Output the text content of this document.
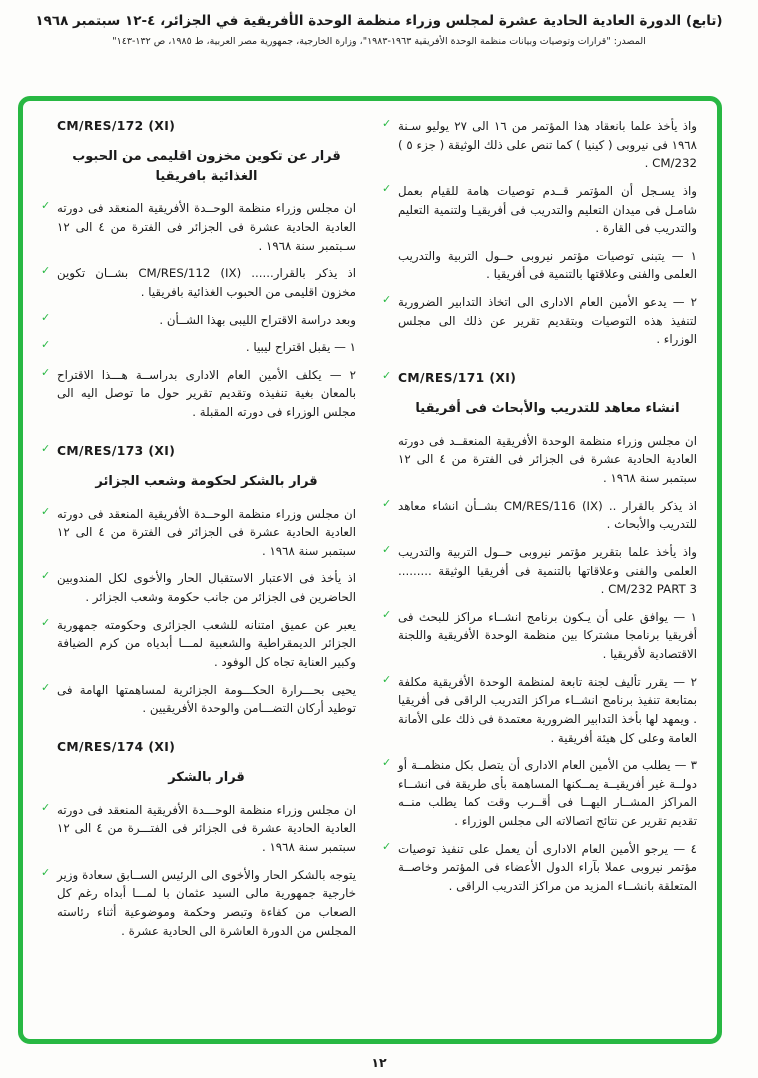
(تابع) الدورة العادية الحادية عشرة لمجلس وزراء منظمة الوحدة الأفريقية في الجزائر، ٤-١٢ سبتمبر ١٩٦٨
المصدر: "قرارات وتوصيات وبيانات منظمة الوحدة الأفريقية ١٩٦٣-١٩٨٣"، وزارة الخارجية، جمهورية مصر العربية، ط ١٩٨٥، ص ١٣٢-١٤٣"
✓ واذ يأخذ علما بانعقاد هذا المؤتمر من ١٦ الى ٢٧ يوليو سـنة ١٩٦٨ فى نيروبى ( كينيا ) كما تنص على ذلك الوثيقة ( جزء ٥ ) ‎CM/232‎ .
✓ واذ يسـجل أن المؤتمر قــدم توصيات هامة للقيام بعمل شامـل فى ميدان التعليم والتدريب فى أفريقيـا ولتنمية التعليم والتدريب فى القارة .
١ — يتبنى توصيات مؤتمر نيروبى حــول التربية والتدريب العلمى والفنى وعلاقتها بالتنمية فى أفريقيا .
✓ ٢ — يدعو الأمين العام الادارى الى اتخاذ التدابير الضرورية لتنفيذ هذه التوصيات وبتقديم تقرير عن ذلك الى مجلس الوزراء .
✓ CM/RES/171 (XI)
انشاء معاهد للتدريب والأبحاث فى أفريقيا
ان مجلس وزراء منظمة الوحدة الأفريقية المنعقــد فى دورته العادية الحادية عشرة فى الجزائر فى الفترة من ٤ الى ١٢ سبتمبر سنة ١٩٦٨ .
✓ اذ يذكر بالقرار .. ‎CM/RES/116 (IX)‎ بشــأن انشاء معاهد للتدريب والأبحاث .
✓ واذ يأخذ علما بتقرير مؤتمر نيروبى حــول التربية والتدريب العلمى والفنى وعلاقاتها بالتنمية فى أفريقيا الوثيقة ......... ‎CM/232 PART 3‎ .
✓ ١ — يوافق على أن يـكون برنامج انشــاء مراكز للبحث فى أفريقيا برنامجا مشتركا بين منظمة الوحدة الأفريقية واللجنة الاقتصادية لأفريقيا .
✓ ٢ — يقرر تأليف لجنة تابعة لمنظمة الوحدة الأفريقية مكلفة بمتابعة تنفيذ برنامج انشــاء مراكز التدريب الراقى فى أفريقيا . ويمهد لها بأخذ التدابير الضرورية معتمدة فى ذلك على الأمانة العامة وعلى كل هيئة أفريقية .
✓ ٣ — يطلب من الأمين العام الادارى أن يتصل بكل منظمــة أو دولــة غير أفريقيــة يمــكنها المساهمة بأى طريقة فى انشــاء المراكز المشــار اليهــا فى أقــرب وقت كما يطلب منــه تقديم تقرير عن نتائج اتصالاته الى مجلس الوزراء .
✓ ٤ — يرجو الأمين العام الادارى أن يعمل على تنفيذ توصيات مؤتمر نيروبى عملا بآراء الدول الأعضاء فى المؤتمر وخاصــة المتعلقة بانشــاء المزيد من مراكز التدريب الراقى .
CM/RES/172 (XI)
قرار عن تكوين مخزون اقليمى من الحبوب الغذائية بافريقيا
✓ ان مجلس وزراء منظمة الوحــدة الأفريقية المنعقد فى دورته العادية الحادية عشرة فى الجزائر فى الفترة من ٤ الى ١٢ سـبتمبر سنة ١٩٦٨ .
✓ اذ يذكر بالقرار...... ‎CM/RES/112 (IX)‎ بشــان تكوين مخزون اقليمى من الحبوب الغذائية بافريقيا .
✓	وبعد دراسة الاقتراح الليبى بهذا الشــأن .
✓	١ — يقبل اقتراح ليبيا .
✓ ٢ — يكلف الأمين العام الادارى بدراســة هـــذا الاقتراح بالمعان بغية تنفيذه وتقديم تقرير حول ما توصل اليه الى مجلس الوزراء فى دورته المقبلة .
✓ CM/RES/173 (XI)
قرار بالشكر لحكومة وشعب الجزائر
✓ ان مجلس وزراء منظمة الوحــدة الأفريقية المنعقد فى دورته العادية الحادية عشرة فى الجزائر فى الفترة من ٤ الى ١٢ سبتمبر سنة ١٩٦٨ .
✓ اذ يأخذ فى الاعتبار الاستقبال الحار والأخوى لكل المندوبين الحاضرين فى الجزائر من جانب حكومة وشعب الجزائر .
✓ يعبر عن عميق امتنانه للشعب الجزائرى وحكومته جمهورية الجزائر الديمقراطية والشعبية لمـــا أبدياه من كرم الضيافة وكبير العناية تجاه كل الوفود .
✓ يحيى بحـــرارة الحكـــومة الجزائرية لمساهمتها الهامة فى توطيد أركان التضـــامن والوحدة الأفريقيين .
CM/RES/174 (XI)
قرار بالشكر
✓ ان مجلس وزراء منظمة الوحـــدة الأفريقية المنعقد فى دورته العادية الحادية عشرة فى الجزائر فى الفتـــرة من ٤ الى ١٢ سبتمبر سنة ١٩٦٨ .
✓ يتوجه بالشكر الحار والأخوى الى الرئيس الســابق سعادة وزير خارجية جمهورية مالى السيد عثمان با لمـــا أبداه رغم كل الصعاب من كفاءة وتبصر وحكمة وموضوعية أثناء رئاسته المجلس من الدورة العاشرة الى الحادية عشرة .
١٢
